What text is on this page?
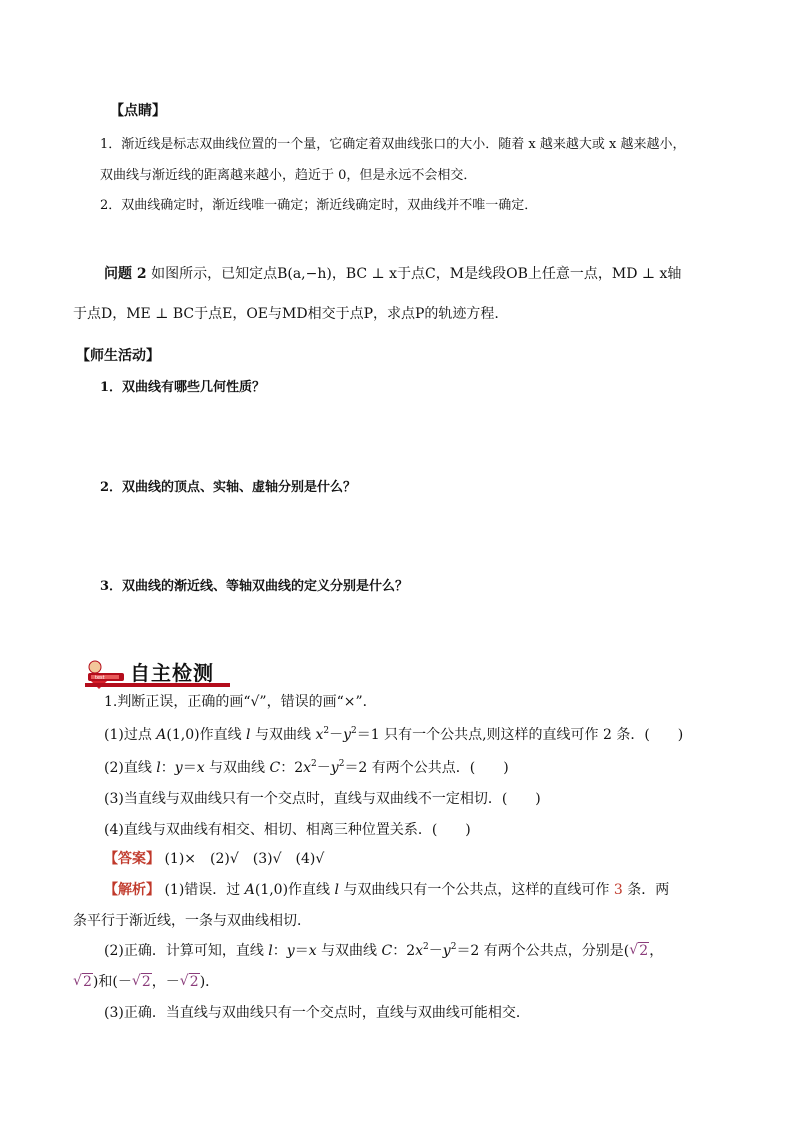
【点睛】
1．渐近线是标志双曲线位置的一个量，它确定着双曲线张口的大小．随着 x 越来越大或 x 越来越小，
双曲线与渐近线的距离越来越小，趋近于 0，但是永远不会相交．
2．双曲线确定时，渐近线唯一确定；渐近线确定时，双曲线并不唯一确定．
问题 2 如图所示，已知定点B(a,−h)，BC ⊥ x于点C，M是线段OB上任意一点，MD ⊥ x轴
于点D，ME ⊥ BC于点E，OE与MD相交于点P，求点P的轨迹方程.
【师生活动】
1．双曲线有哪些几何性质？
2．双曲线的顶点、实轴、虚轴分别是什么？
3．双曲线的渐近线、等轴双曲线的定义分别是什么？
test 自主检测
1.判断正误，正确的画“√”，错误的画“×”．
(1)过点 A(1,0)作直线 l 与双曲线 $x^2-y^2=1$ 只有一个公共点,则这样的直线可作 2 条．(　　)
(2)直线 l：y＝x 与双曲线 C：$2x^2-y^2=2$ 有两个公共点．(　　)
(3)当直线与双曲线只有一个交点时，直线与双曲线不一定相切．(　　)
(4)直线与双曲线有相交、相切、相离三种位置关系．(　　)
【答案】 (1)×　(2)√　(3)√　(4)√
【解析】 (1)错误．过 A(1,0)作直线 l 与双曲线只有一个公共点，这样的直线可作 3 条．两
条平行于渐近线，一条与双曲线相切．
(2)正确．计算可知，直线 l：y＝x 与双曲线 C：$2x^2-y^2=2$ 有两个公共点，分别是( √ 2，
√ 2)和(－ √ 2，－ √ 2)．
(3)正确．当直线与双曲线只有一个交点时，直线与双曲线可能相交．
